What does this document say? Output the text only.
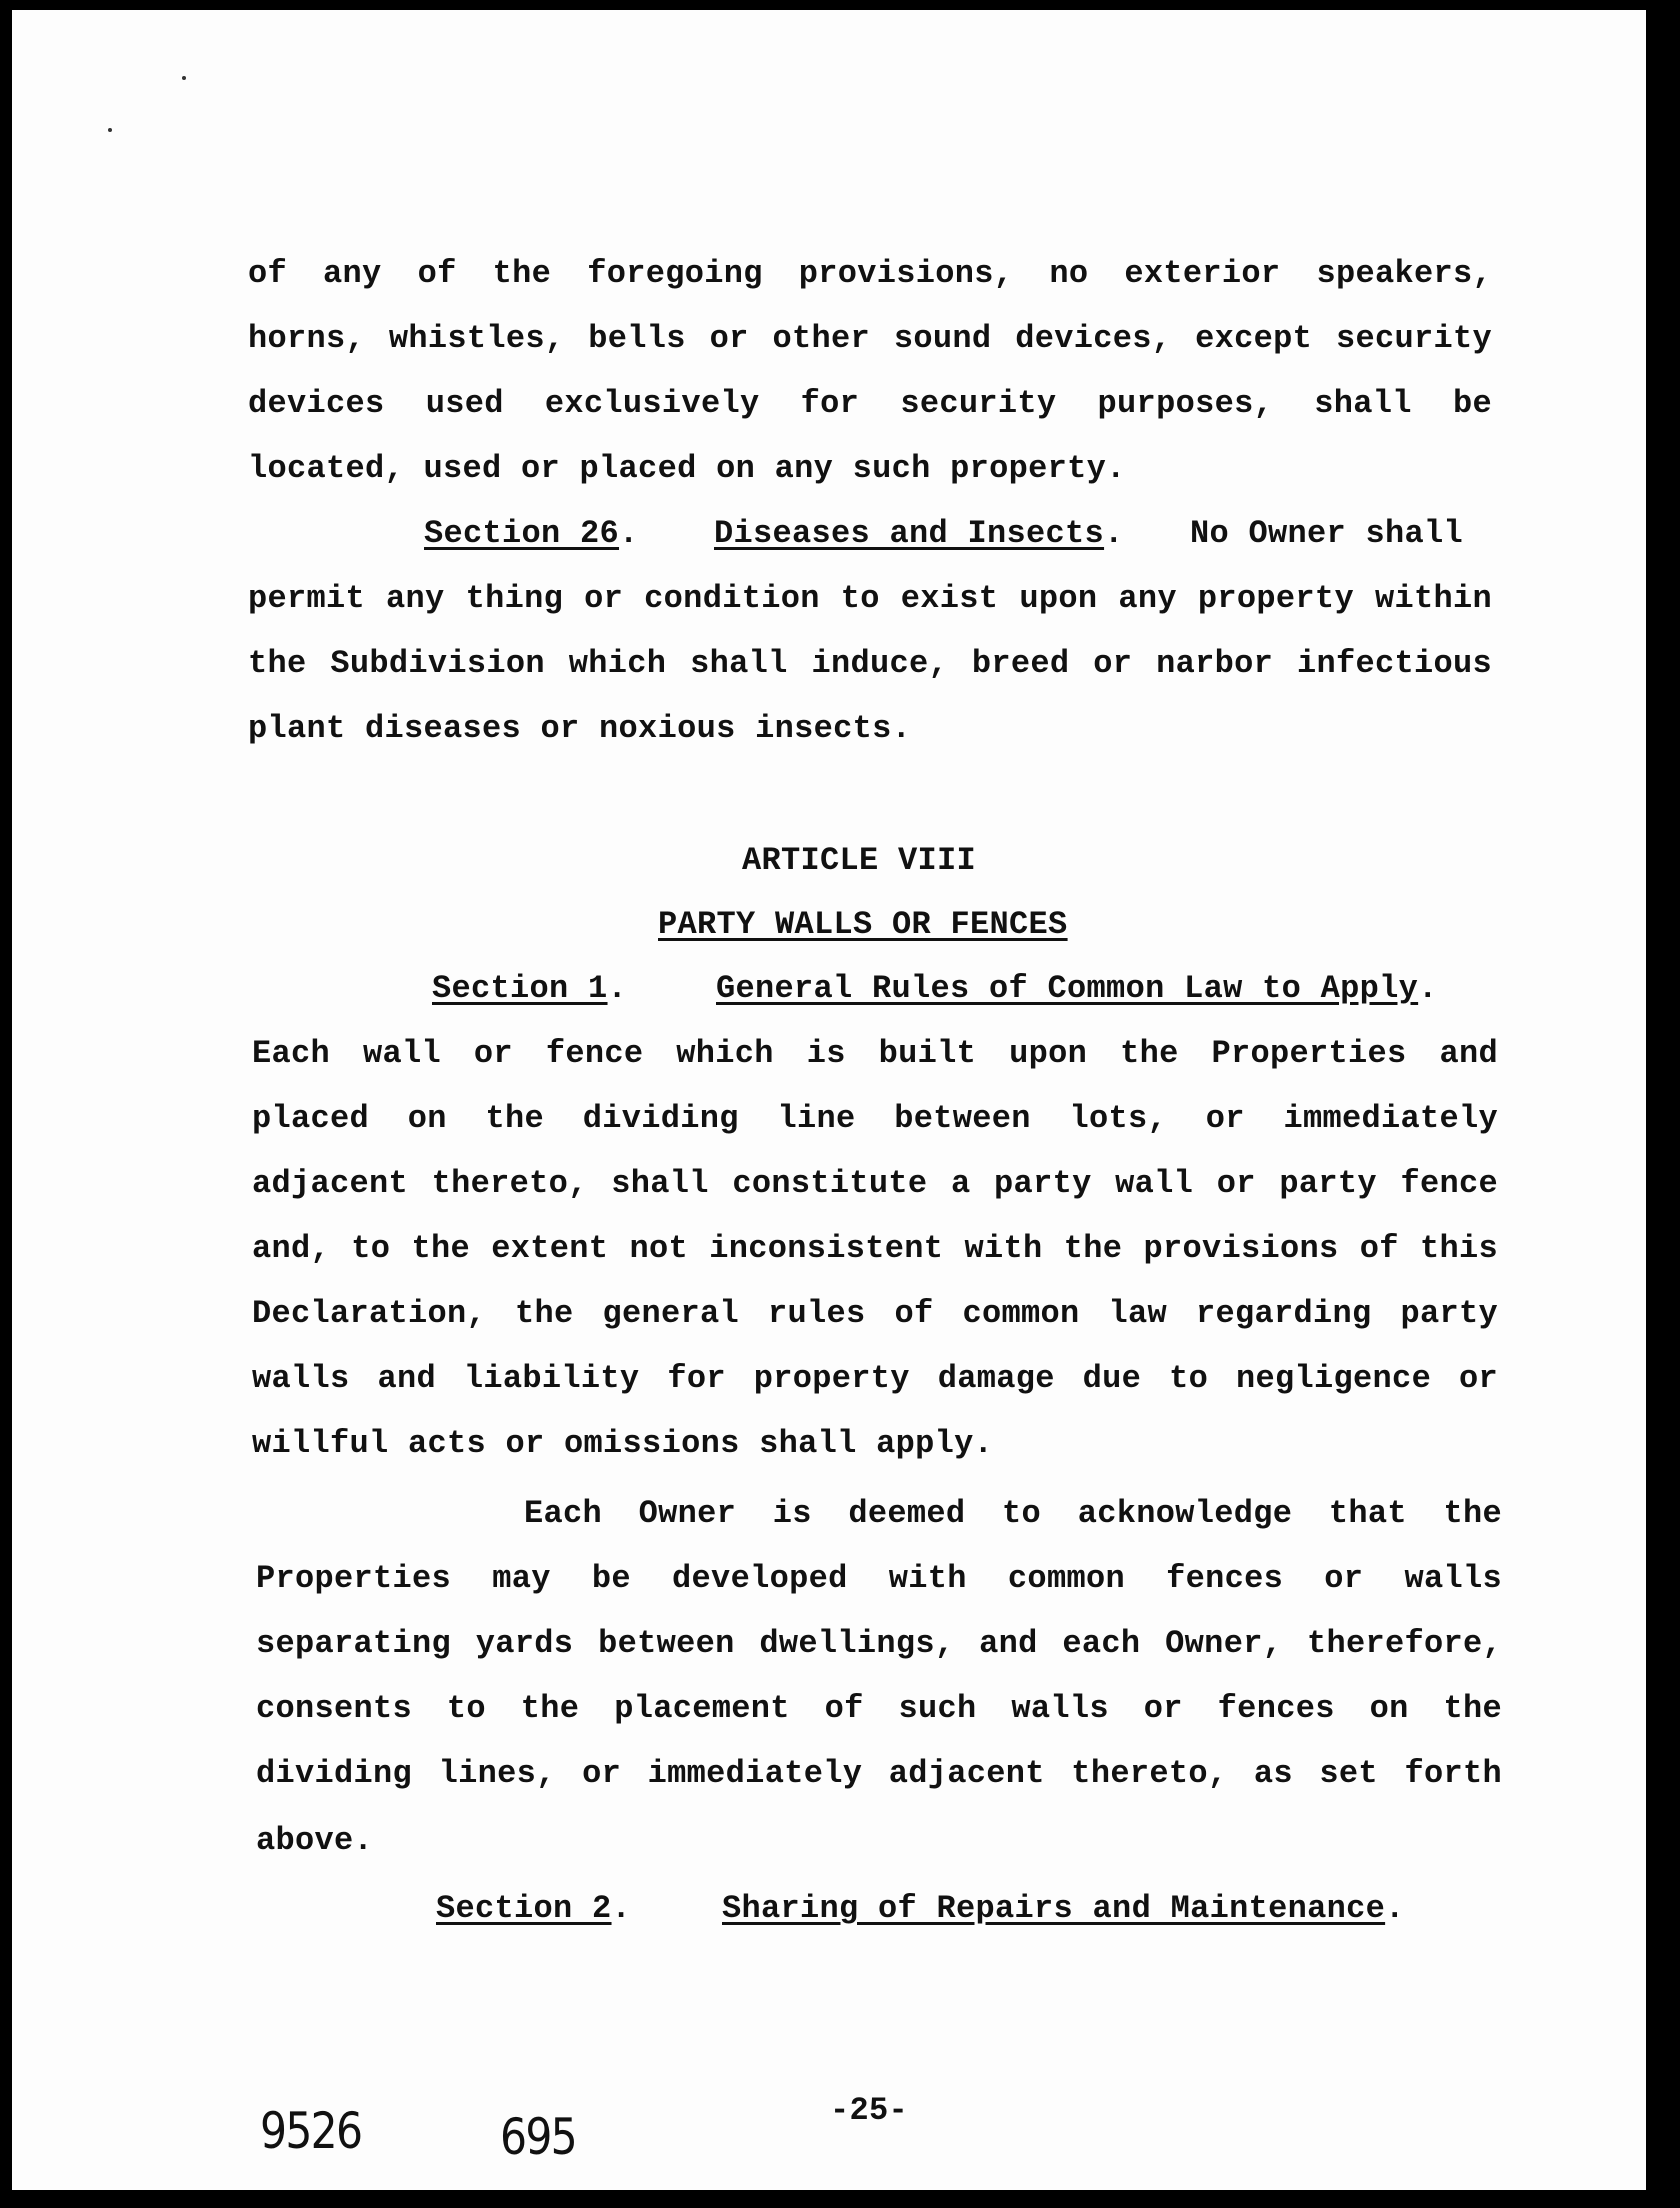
of any of the foregoing provisions, no exterior speakers,
horns, whistles, bells or other sound devices, except security
devices used exclusively for security purposes, shall be
located, used or placed on any such property.
Section 26. Diseases and Insects. No Owner shall
permit any thing or condition to exist upon any property within
the Subdivision which shall induce, breed or narbor infectious
plant diseases or noxious insects.
ARTICLE VIII
PARTY WALLS OR FENCES
Section 1.	General Rules of Common Law to Apply.
Each wall or fence which is built upon the Properties and
placed on the dividing line between lots, or immediately
adjacent thereto, shall constitute a party wall or party fence
and, to the extent not inconsistent with the provisions of this
Declaration, the general rules of common law regarding party
walls and liability for property damage due to negligence or
willful acts or omissions shall apply.
Each Owner is deemed to acknowledge that the
Properties may be developed with common fences or walls
separating yards between dwellings, and each Owner, therefore,
consents to the placement of such walls or fences on the
dividing lines, or immediately adjacent thereto, as set forth
above.
Section 2.	Sharing of Repairs and Maintenance.
-25-
9526	695
